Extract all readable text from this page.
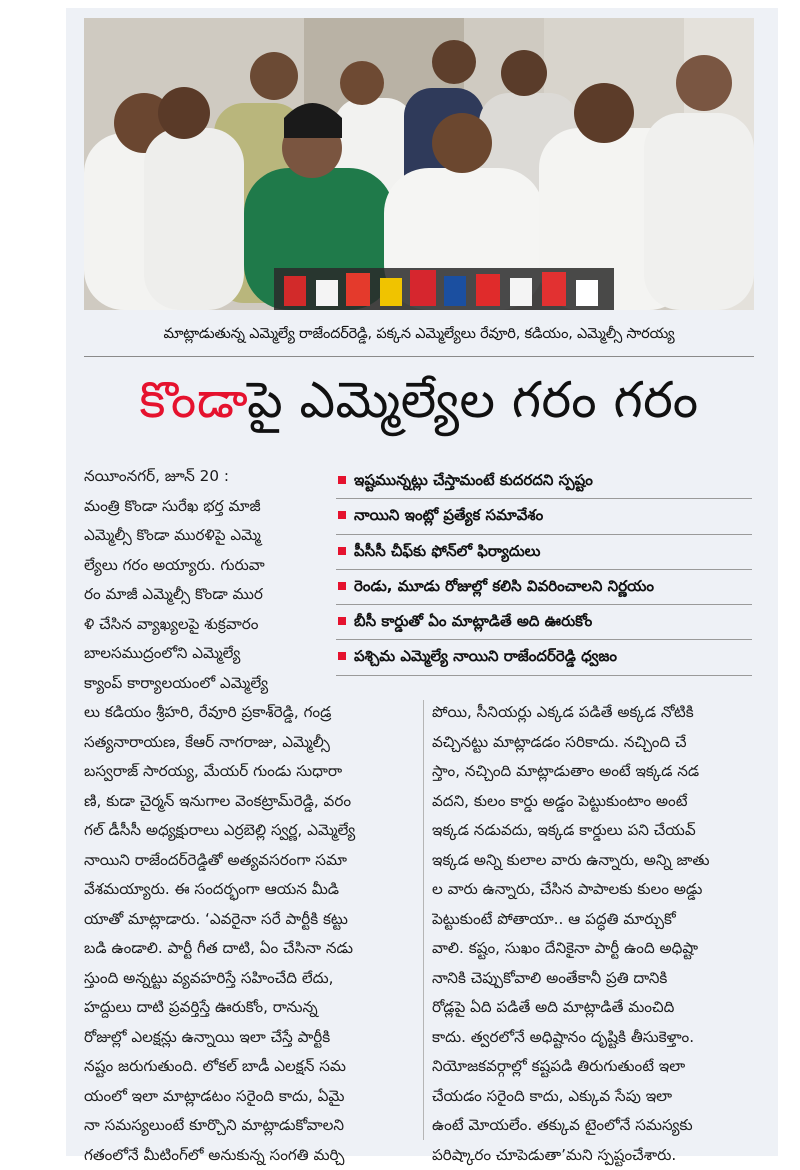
మాట్లాడుతున్న ఎమ్మెల్యే రాజేందర్‌రెడ్డి, పక్కన ఎమ్మెల్యేలు రేవూరి, కడియం, ఎమ్మెల్సీ సారయ్య
కొండాపై ఎమ్మెల్యేల గరం గరం

నయీంనగర్‌, జూన్‌ 20 :

మంత్రి కొండా సురేఖ భర్త మాజీ

ఎమ్మెల్సీ కొండా మురళిపై ఎమ్మె

ల్యేలు గరం అయ్యారు. గురువా

రం మాజీ ఎమ్మెల్సీ కొండా ముర

ళి చేసిన వ్యాఖ్యలపై శుక్రవారం

బాలసముద్రంలోని ఎమ్మెల్యే

క్యాంప్‌ కార్యాలయంలో ఎమ్మెల్యే

ఇష్టమున్నట్లు చేస్తామంటే కుదరదని స్పష్టం
నాయిని ఇంట్లో ప్రత్యేక సమావేశం
పీసీసీ చీఫ్‌కు ఫోన్‌లో ఫిర్యాదులు
రెండు, మూడు రోజుల్లో కలిసి వివరించాలని నిర్ణయం
బీసీ కార్డుతో ఏం మాట్లాడితే అది ఊరుకోం
పశ్చిమ ఎమ్మెల్యే నాయిని రాజేందర్‌రెడ్డి ధ్వజం

లు కడియం శ్రీహరి, రేవూరి ప్రకాశ్‌రెడ్డి, గండ్ర

సత్యనారాయణ, కేఆర్‌ నాగరాజు, ఎమ్మెల్సీ

బస్వరాజ్‌ సారయ్య, మేయర్‌ గుండు సుధారా

ణి, కుడా చైర్మన్‌ ఇనుగాల వెంకట్రామ్‌రెడ్డి, వరం

గల్‌ డీసీసీ అధ్యక్షురాలు ఎర్రబెల్లి స్వర్ణ, ఎమ్మెల్యే

నాయిని రాజేందర్‌రెడ్డితో అత్యవసరంగా సమా

వేశమయ్యారు. ఈ సందర్భంగా ఆయన మీడి

యాతో మాట్లాడారు. ‘ఎవరైనా సరే పార్టీకి కట్టు

బడి ఉండాలి. పార్టీ గీత దాటి, ఏం చేసినా నడు

స్తుంది అన్నట్టు వ్యవహరిస్తే సహించేది లేదు,

హద్దులు దాటి ప్రవర్తిస్తే ఊరుకోం, రానున్న

రోజుల్లో ఎలక్షన్లు ఉన్నాయి ఇలా చేస్తే పార్టీకి

నష్టం జరుగుతుంది. లోకల్‌ బాడీ ఎలక్షన్‌ సమ

యంలో ఇలా మాట్లాడటం సరైంది కాదు, ఏమై

నా సమస్యలుంటే కూర్చొని మాట్లాడుకోవాలని

గతంలోనే మీటింగ్‌లో అనుకున్న సంగతి మర్చి

పోయి, సీనియర్లు ఎక్కడ పడితే అక్కడ నోటికి

వచ్చినట్టు మాట్లాడడం సరికాదు. నచ్చింది చే

స్తాం, నచ్చింది మాట్లాడుతాం అంటే ఇక్కడ నడ

వదని, కులం కార్డు అడ్డం పెట్టుకుంటాం అంటే

ఇక్కడ నడువదు, ఇక్కడ కార్డులు పని చేయవ్‌

ఇక్కడ అన్ని కులాల వారు ఉన్నారు, అన్ని జాతు

ల వారు ఉన్నారు, చేసిన పాపాలకు కులం అడ్డు

పెట్టుకుంటే పోతాయా.. ఆ పద్ధతి మార్చుకో

వాలి. కష్టం, సుఖం దేనికైనా పార్టీ ఉంది అధిష్టా

నానికి చెప్పుకోవాలి అంతేకానీ ప్రతి దానికి

రోడ్లపై ఏది పడితే అది మాట్లాడితే మంచిది

కాదు. త్వరలోనే అధిష్టానం దృష్టికి తీసుకెళ్తాం.

నియోజకవర్గాల్లో కష్టపడి తిరుగుతుంటే ఇలా

చేయడం సరైంది కాదు, ఎక్కువ సేపు ఇలా

ఉంటే మోయలేం. తక్కువ టైంలోనే సమస్యకు

పరిష్కారం చూపెడుతా’మని స్పష్టంచేశారు.
